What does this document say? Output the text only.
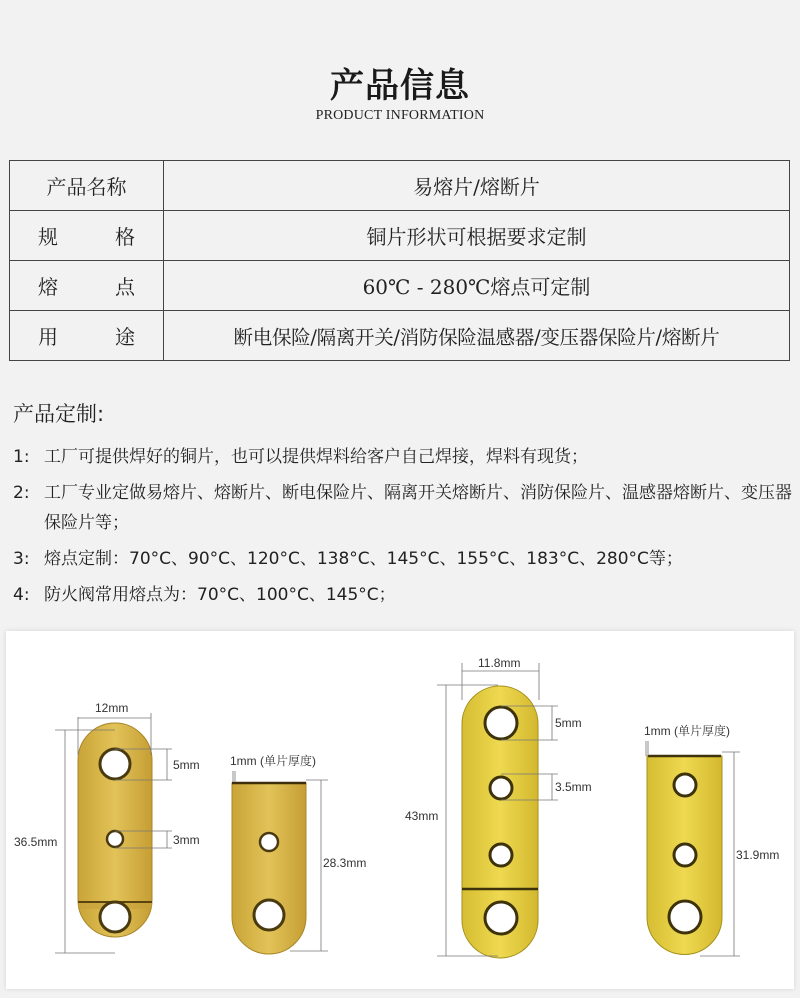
产品信息
PRODUCT INFORMATION
产品名称	易熔片/熔断片

规 格	铜片形状可根据要求定制

熔 点	60℃ - 280℃熔点可定制

用 途	断电保险/隔离开关/消防保险温感器/变压器保险片/熔断片
产品定制:
1: 工厂可提供焊好的铜片，也可以提供焊料给客户自己焊接，焊料有现货；
2: 工厂专业定做易熔片、熔断片、断电保险片、隔离开关熔断片、消防保险片、温感器熔断片、变压器保险片等；
3: 熔点定制：70°C、90°C、120°C、138°C、145°C、155°C、183°C、280°C等；
4: 防火阀常用熔点为：70°C、100°C、145°C；
12mm
36.5mm
5mm
3mm
1mm (单片厚度)
28.3mm
11.8mm
43mm
5mm
3.5mm
1mm (单片厚度)
31.9mm
